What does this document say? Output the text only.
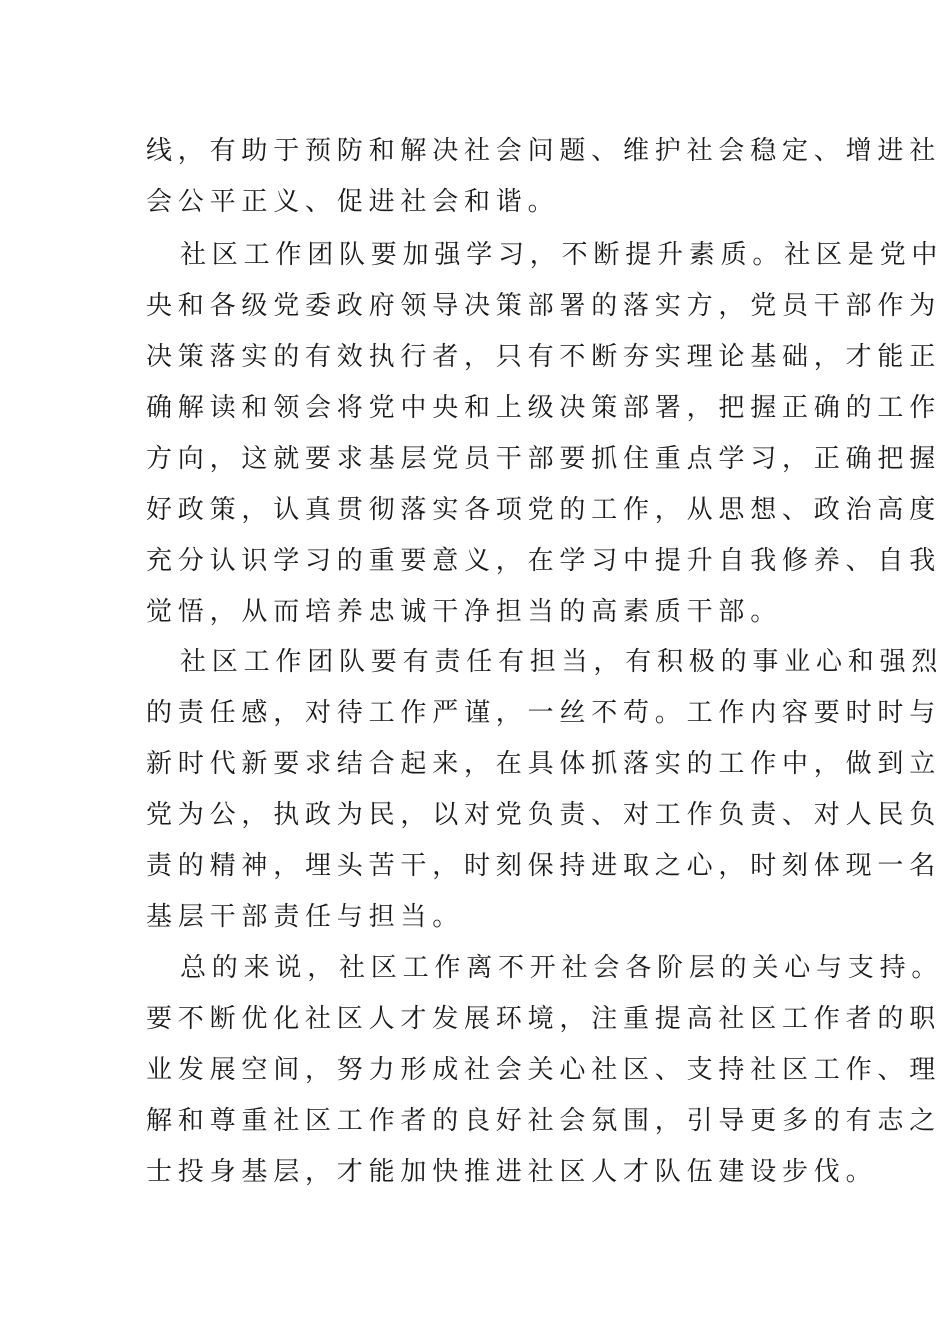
线，有助于预防和解决社会问题、维护社会稳定、增进社
会公平正义、促进社会和谐。
社区工作团队要加强学习，不断提升素质。社区是党中
央和各级党委政府领导决策部署的落实方，党员干部作为
决策落实的有效执行者，只有不断夯实理论基础，才能正
确解读和领会将党中央和上级决策部署，把握正确的工作
方向，这就要求基层党员干部要抓住重点学习，正确把握
好政策，认真贯彻落实各项党的工作，从思想、政治高度
充分认识学习的重要意义，在学习中提升自我修养、自我
觉悟，从而培养忠诚干净担当的高素质干部。
社区工作团队要有责任有担当，有积极的事业心和强烈
的责任感，对待工作严谨，一丝不苟。工作内容要时时与
新时代新要求结合起来，在具体抓落实的工作中，做到立
党为公，执政为民，以对党负责、对工作负责、对人民负
责的精神，埋头苦干，时刻保持进取之心，时刻体现一名
基层干部责任与担当。
总的来说，社区工作离不开社会各阶层的关心与支持。
要不断优化社区人才发展环境，注重提高社区工作者的职
业发展空间，努力形成社会关心社区、支持社区工作、理
解和尊重社区工作者的良好社会氛围，引导更多的有志之
士投身基层，才能加快推进社区人才队伍建设步伐。
